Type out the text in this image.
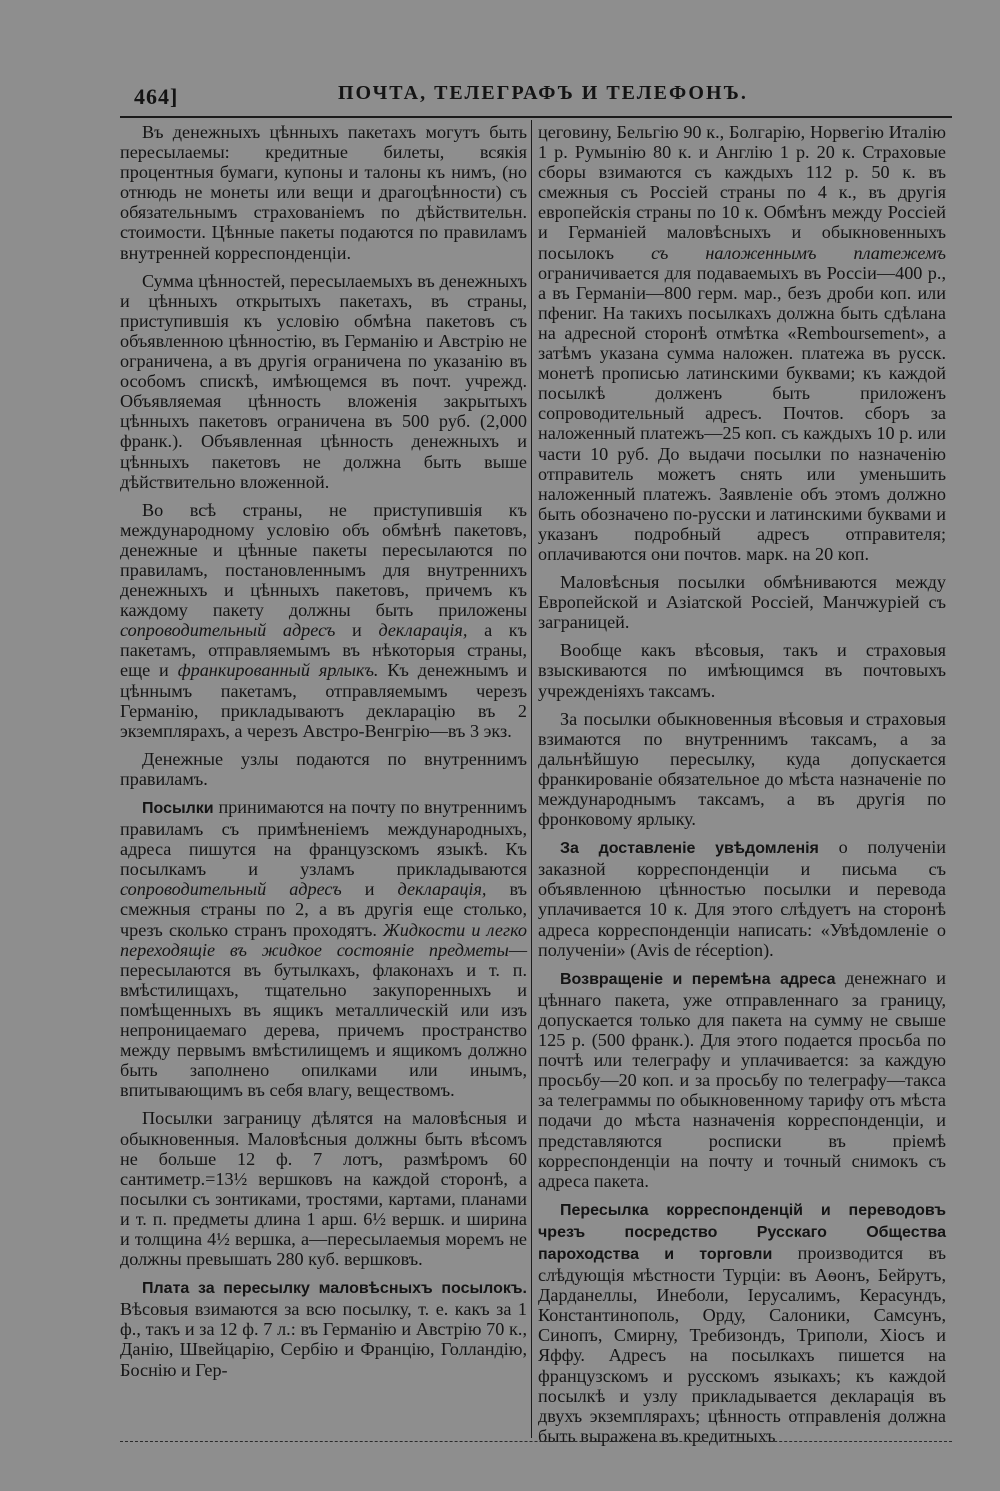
464]	ПОЧТА, ТЕЛЕГРАФЪ И ТЕЛЕФОНЪ.

Въ денежныхъ цѣнныхъ пакетахъ могутъ быть пересылаемы: кредитные билеты, всякія процентныя бумаги, купоны и талоны къ нимъ, (но отнюдь не монеты или вещи и драгоцѣнности) съ обязательнымъ страхованіемъ по дѣйствительн. стоимости. Цѣнные пакеты подаются по правиламъ внутренней корреспонденціи.

Сумма цѣнностей, пересылаемыхъ въ денежныхъ и цѣнныхъ открытыхъ пакетахъ, въ страны, приступившія къ условію обмѣна пакетовъ съ объявленною цѣнностію, въ Германію и Австрію не ограничена, а въ другія ограничена по указанію въ особомъ спискѣ, имѣющемся въ почт. учрежд. Объявляемая цѣнность вложенія закрытыхъ цѣнныхъ пакетовъ ограничена въ 500 руб. (2,000 франк.). Объявленная цѣнность денежныхъ и цѣнныхъ пакетовъ не должна быть выше дѣйствительно вложенной.

Во всѣ страны, не приступившія къ международному условію объ обмѣнѣ пакетовъ, денежные и цѣнные пакеты пересылаются по правиламъ, постановленнымъ для внутреннихъ денежныхъ и цѣнныхъ пакетовъ, причемъ къ каждому пакету должны быть приложены сопроводительный адресъ и декларація, а къ пакетамъ, отправляемымъ въ нѣкоторыя страны, еще и франкированный ярлыкъ. Къ денежнымъ и цѣннымъ пакетамъ, отправляемымъ черезъ Германію, прикладываютъ декларацію въ 2 экземплярахъ, а черезъ Австро-Венгрію—въ 3 экз.

Денежные узлы подаются по внутреннимъ правиламъ.

Посылки принимаются на почту по внутреннимъ правиламъ съ примѣненіемъ международныхъ, адреса пишутся на французскомъ языкѣ. Къ посылкамъ и узламъ прикладываются сопроводительный адресъ и декларація, въ смежныя страны по 2, а въ другія еще столько, чрезъ сколько странъ проходятъ. Жидкости и легко переходящіе въ жидкое состояніе предметы—пересылаются въ бутылкахъ, флаконахъ и т. п. вмѣстилищахъ, тщательно закупоренныхъ и помѣщенныхъ въ ящикъ металлическій или изъ непроницаемаго дерева, причемъ пространство между первымъ вмѣстилищемъ и ящикомъ должно быть заполнено опилками или инымъ, впитывающимъ въ себя влагу, веществомъ.

Посылки заграницу дѣлятся на маловѣсныя и обыкновенныя. Маловѣсныя должны быть вѣсомъ не больше 12 ф. 7 лотъ, размѣромъ 60 сантиметр.=13½ вершковъ на каждой сторонѣ, а посылки съ зонтиками, тростями, картами, планами и т. п. предметы длина 1 арш. 6½ вершк. и ширина и толщина 4½ вершка, а—пересылаемыя моремъ не должны превышать 280 куб. вершковъ.

Плата за пересылку маловѣсныхъ посылокъ. Вѣсовыя взимаются за всю посылку, т. е. какъ за 1 ф., такъ и за 12 ф. 7 л.: въ Германію и Австрію 70 к., Данію, Швейцарію, Сербію и Францію, Голландію, Боснію и Гер-

цеговину, Бельгію 90 к., Болгарію, Норвегію Италію 1 р. Румынію 80 к. и Англію 1 р. 20 к. Страховые сборы взимаются съ каждыхъ 112 р. 50 к. въ смежныя съ Россіей страны по 4 к., въ другія европейскія страны по 10 к. Обмѣнъ между Россіей и Германіей маловѣсныхъ и обыкновенныхъ посылокъ съ наложеннымъ платежемъ ограничивается для подаваемыхъ въ Россіи—400 р., а въ Германіи—800 герм. мар., безъ дроби коп. или пфениг. На такихъ посылкахъ должна быть сдѣлана на адресной сторонѣ отмѣтка «Remboursement», а затѣмъ указана сумма наложен. платежа въ русск. монетѣ прописью латинскими буквами; къ каждой посылкѣ долженъ быть приложенъ сопроводительный адресъ. Почтов. сборъ за наложенный платежъ—25 коп. съ каждыхъ 10 р. или части 10 руб. До выдачи посылки по назначенію отправитель можетъ снять или уменьшить наложенный платежъ. Заявленіе объ этомъ должно быть обозначено по-русски и латинскими буквами и указанъ подробный адресъ отправителя; оплачиваются они почтов. марк. на 20 коп.

Маловѣсныя посылки обмѣниваются между Европейской и Азіатской Россіей, Манчжуріей съ заграницей.

Вообще какъ вѣсовыя, такъ и страховыя взыскиваются по имѣющимся въ почтовыхъ учрежденіяхъ таксамъ.

За посылки обыкновенныя вѣсовыя и страховыя взимаются по внутреннимъ таксамъ, а за дальнѣйшую пересылку, куда допускается франкированіе обязательное до мѣста назначеніе по международнымъ таксамъ, а въ другія по фронковому ярлыку.

За доставленіе увѣдомленія о полученіи заказной корреспонденціи и письма съ объявленною цѣнностью посылки и перевода уплачивается 10 к. Для этого слѣдуетъ на сторонѣ адреса корреспонденціи написать: «Увѣдомленіе о полученіи» (Avis de réception).

Возвращеніе и перемѣна адреса денежнаго и цѣннаго пакета, уже отправленнаго за границу, допускается только для пакета на сумму не свыше 125 р. (500 франк.). Для этого подается просьба по почтѣ или телеграфу и уплачивается: за каждую просьбу—20 коп. и за просьбу по телеграфу—такса за телеграммы по обыкновенному тарифу отъ мѣста подачи до мѣста назначенія корреспонденціи, и представляются росписки въ пріемѣ корреспонденціи на почту и точный снимокъ съ адреса пакета.

Пересылка корреспонденцій и переводовъ чрезъ посредство Русскаго Общества пароходства и торговли производится въ слѣдующія мѣстности Турціи: въ Аѳонъ, Бейрутъ, Дарданеллы, Инеболи, Іерусалимъ, Керасундъ, Константинополь, Орду, Салоники, Самсунъ, Синопъ, Смирну, Требизондъ, Триполи, Хіосъ и Яффу. Адресъ на посылкахъ пишется на французскомъ и русскомъ языкахъ; къ каждой посылкѣ и узлу прикладывается декларація въ двухъ экземплярахъ; цѣнность отправленія должна быть выражена въ кредитныхъ
